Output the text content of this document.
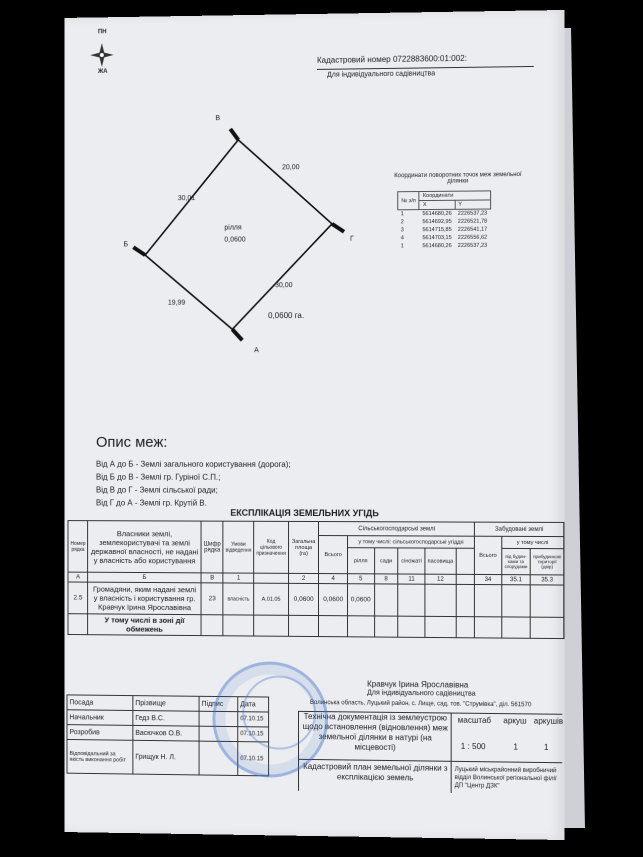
ПН
ЖА
Кадастровий номер 0722883600:01:002:
Для індивідуального садівництва
В
Б
Г
А
30,01
20,00
30,00
19,99
рілля
0,0600
0,0600 га.
Координати поворотних точок меж земельної ділянки
№ з/п	Координати	
	X	Y
1	5614680,26	2226537,23
2	5614692,95	2226521,78
3	5614715,85	2226541,17
4	5614703,15	2226556,62
1	5614680,26	2226537,23
Опис меж:
Від А до Б - Землі загального користування (дорога);
Від Б до В - Землі гр. Гуріної С.П.;
Від В до Г - Землі сільської ради;
Від Г до А - Землі гр. Крутій В.
ЕКСПЛІКАЦІЯ ЗЕМЕЛЬНИХ УГІДЬ
Номер рядка	Власники землі, землекористувачі та землі державної власності, не надані у власність або користування	Шифр рядка	Умови відведення	Код цільового призначення	Загальна площа (га)	Сільськогосподарські землі						Забудовані землі		
						Всього	у тому числі: сільськогосподарські угіддя					Всього	у тому числі	
							рілля	сади	сіножаті	пасовища			під будин- ками та спорудами	прибудинкові території (двір)
А	Б	В	1		2	4	5	8	11	12		34	35.1	35.3
2.5	Громадяни, яким надані землі у власність і користування гр. Кравчук Ірина Ярославівна	23	власність	А.01.05	0,0600	0,0600	0,0600							
	У тому числі в зоні дії обмежень													
Кравчук Ірина Ярославівна
Для індивідуального садівництва
Волинська область, Луцький район, с. Лище, сад. тов. "Струмівка", діл. 561570
Посада	Прізвище	Підпис	Дата
Начальник	Гедз В.С.		07.10.15
Розробив	Васючков О.В.		07.10.15
Відповідальний за якість виконання робіт	Грищук Н. Л.		07.10.15
Технічна документація із землеустрою щодо встановлення (відновлення) меж земельної ділянки в натурі (на місцевості)
Кадастровий план земельної ділянки з експлікацією земель
масштаб аркуш аркушів
1 : 500	1	1
Луцький міськрайонний виробничий відділ Волинської регіональної філії ДП "Центр ДЗК"
